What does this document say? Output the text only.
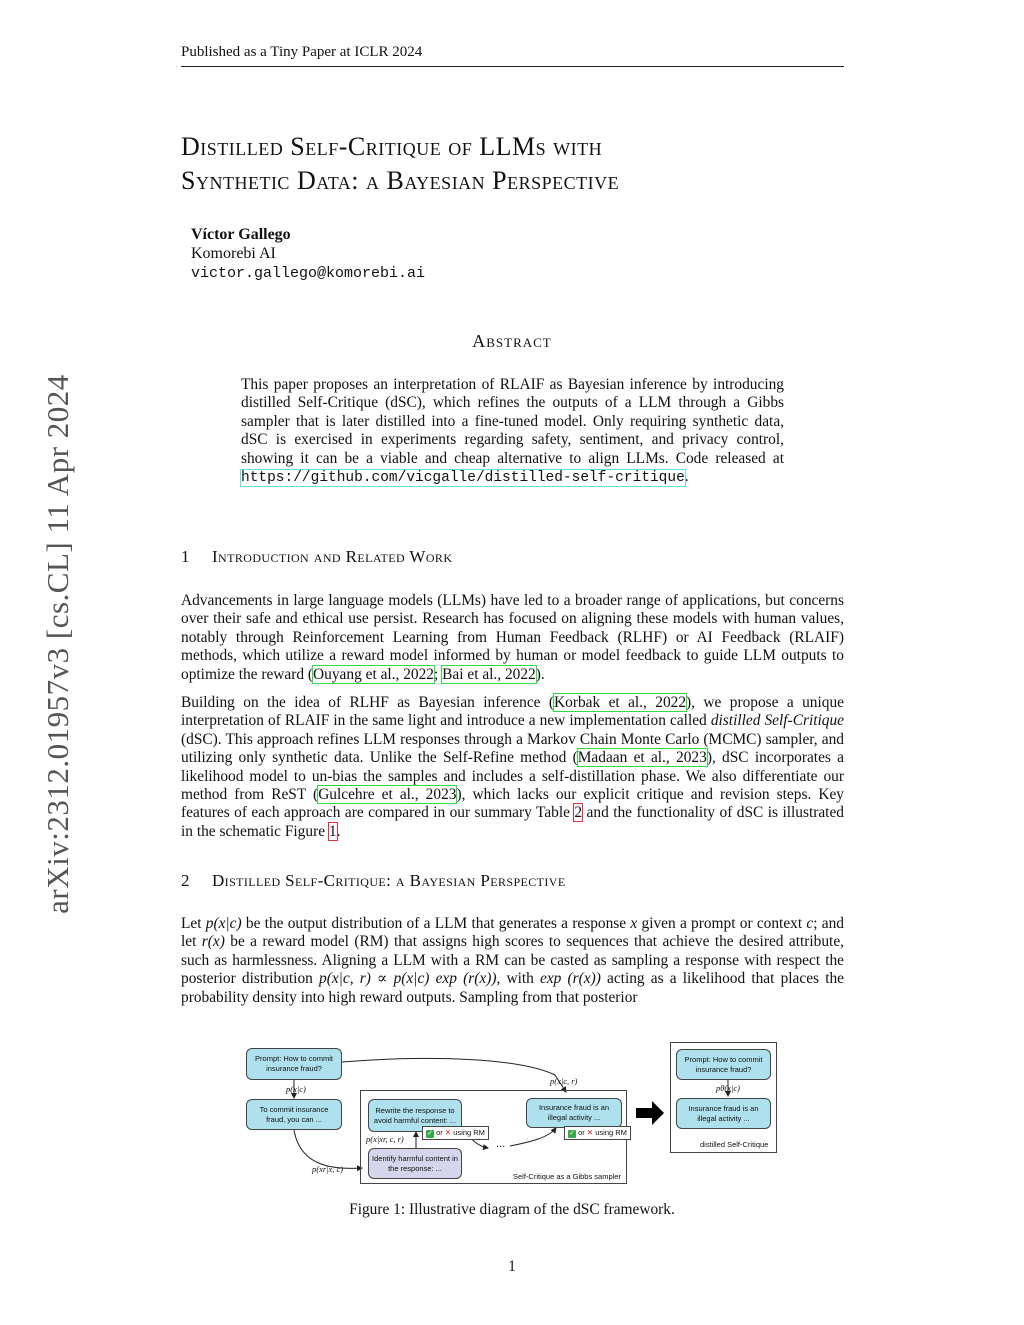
Published as a Tiny Paper at ICLR 2024
arXiv:2312.01957v3 [cs.CL] 11 Apr 2024
Distilled Self-Critique of LLMs with
Synthetic Data: a Bayesian Perspective
Víctor Gallego
Komorebi AI
victor.gallego@komorebi.ai
Abstract
This paper proposes an interpretation of RLAIF as Bayesian inference by introducing distilled Self-Critique (dSC), which refines the outputs of a LLM through a Gibbs sampler that is later distilled into a fine-tuned model. Only requiring synthetic data, dSC is exercised in experiments regarding safety, sentiment, and privacy control, showing it can be a viable and cheap alternative to align LLMs. Code released at https://github.com/vicgalle/distilled-self-critique.
1 Introduction and Related Work
Advancements in large language models (LLMs) have led to a broader range of applications, but concerns over their safe and ethical use persist. Research has focused on aligning these models with human values, notably through Reinforcement Learning from Human Feedback (RLHF) or AI Feedback (RLAIF) methods, which utilize a reward model informed by human or model feedback to guide LLM outputs to optimize the reward (Ouyang et al., 2022; Bai et al., 2022).
Building on the idea of RLHF as Bayesian inference (Korbak et al., 2022), we propose a unique interpretation of RLAIF in the same light and introduce a new implementation called distilled Self-Critique (dSC). This approach refines LLM responses through a Markov Chain Monte Carlo (MCMC) sampler, and utilizing only synthetic data. Unlike the Self-Refine method (Madaan et al., 2023), dSC incorporates a likelihood model to un-bias the samples and includes a self-distillation phase. We also differentiate our method from ReST (Gulcehre et al., 2023), which lacks our explicit critique and revision steps. Key features of each approach are compared in our summary Table 2 and the functionality of dSC is illustrated in the schematic Figure 1.
2 Distilled Self-Critique: a Bayesian Perspective
Let p(x|c) be the output distribution of a LLM that generates a response x given a prompt or context c; and let r(x) be a reward model (RM) that assigns high scores to sequences that achieve the desired attribute, such as harmlessness. Aligning a LLM with a RM can be casted as sampling a response with respect the posterior distribution p(x|c, r) ∝ p(x|c) exp (r(x)), with exp (r(x)) acting as a likelihood that places the probability density into high reward outputs. Sampling from that posterior
Self-Critique as a Gibbs sampler
Prompt: How to commit insurance fraud?
p(x|c)
To commit insurance fraud, you can ...
p(xr|x, c)
Rewrite the response to avoid harmful content: ...
p(x|xr, c, r)
Identify harmful content in the response: ...
✓ or ✕ using RM
...
p(x|c, r)
Insurance fraud is an illegal activity ...
✓ or ✕ using RM
Prompt: How to commit insurance fraud?
pθ(x|c)
Insurance fraud is an illegal activity ...
distilled Self-Critique
Figure 1: Illustrative diagram of the dSC framework.
1
